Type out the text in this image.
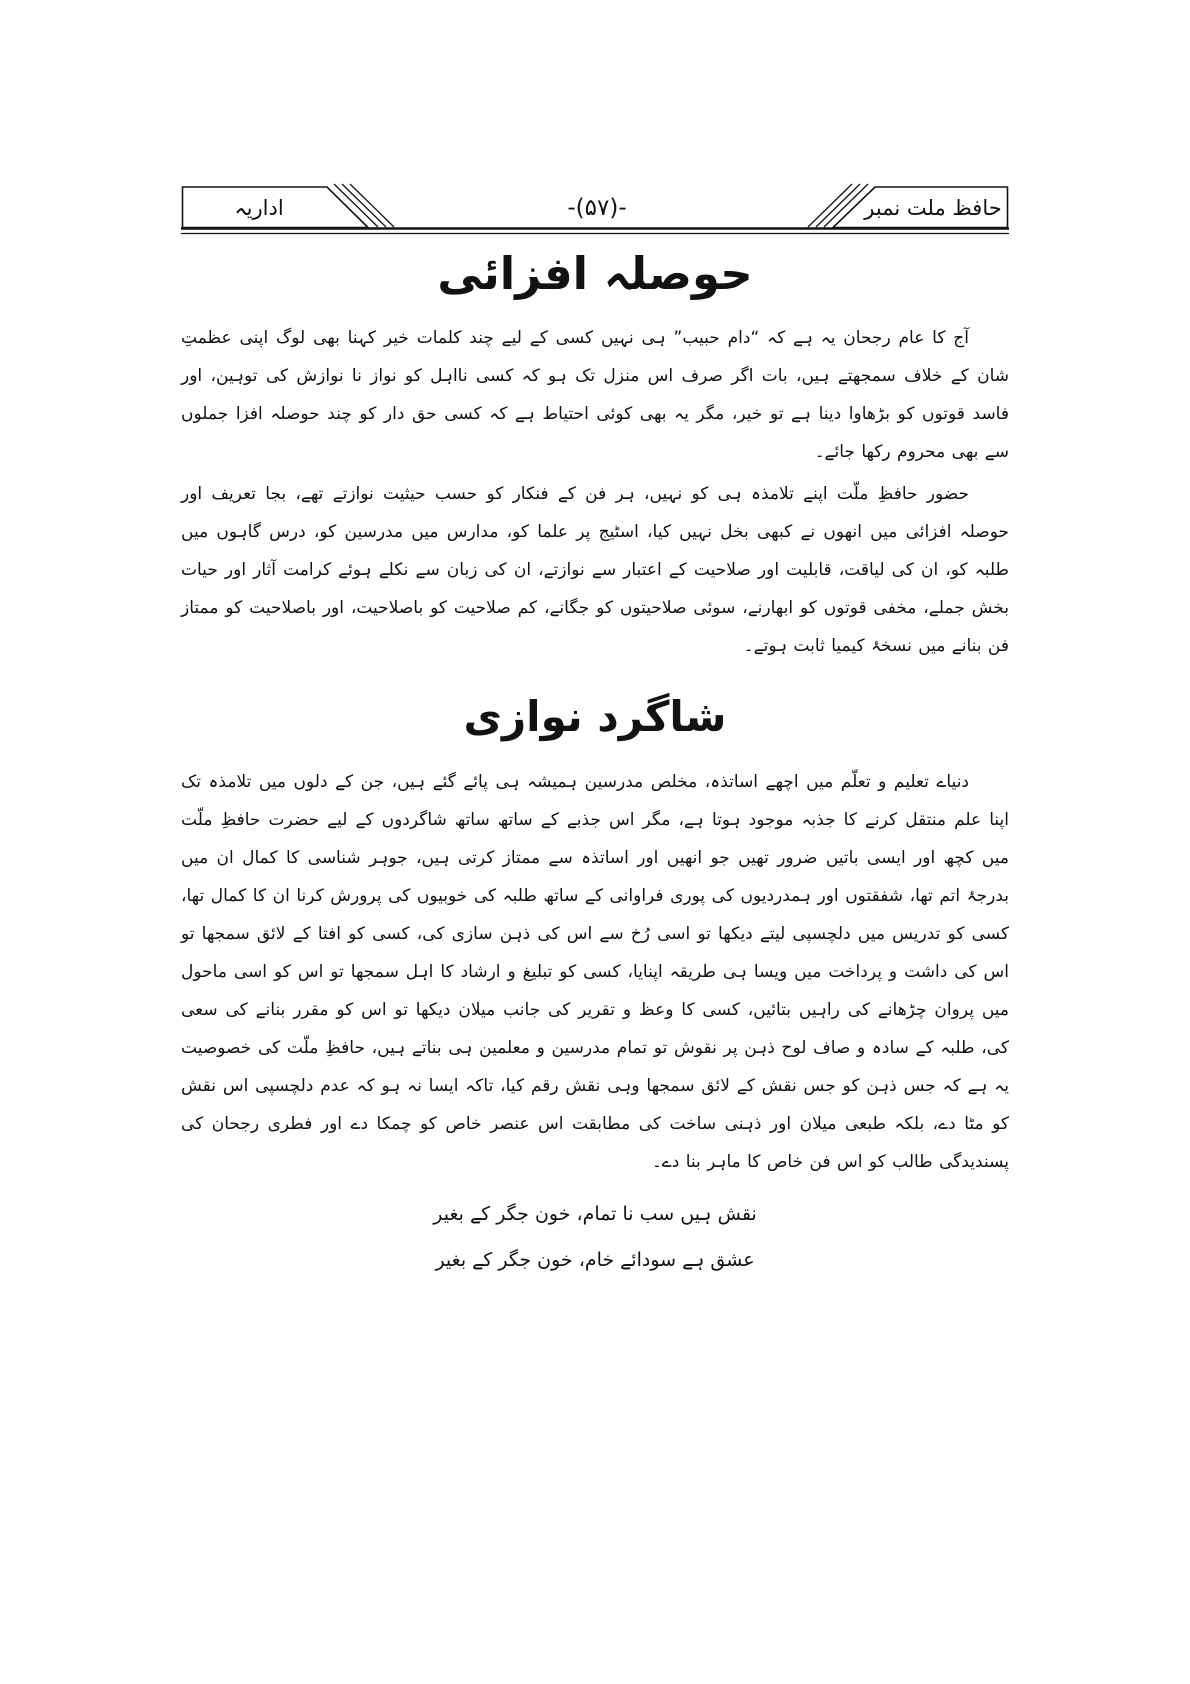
اداریہ	-(۵۷)-	حافظ ملت نمبر
حوصلہ افزائی

آج کا عام رجحان یہ ہے کہ “دام حبیب” ہی نہیں کسی کے لیے چند کلمات خیر کہنا بھی لوگ اپنی عظمتِ شان کے خلاف سمجھتے ہیں، بات اگر صرف اس منزل تک ہو کہ کسی نااہل کو نواز نا نوازش کی توہین، اور فاسد قوتوں کو بڑھاوا دینا ہے تو خیر، مگر یہ بھی کوئی احتیاط ہے کہ کسی حق دار کو چند حوصلہ افزا جملوں سے بھی محروم رکھا جائے۔

حضور حافظِ ملّت اپنے تلامذہ ہی کو نہیں، ہر فن کے فنکار کو حسب حیثیت نوازتے تھے، بجا تعریف اور حوصلہ افزائی میں انھوں نے کبھی بخل نہیں کیا، اسٹیج پر علما کو، مدارس میں مدرسین کو، درس گاہوں میں طلبہ کو، ان کی لیاقت، قابلیت اور صلاحیت کے اعتبار سے نوازتے، ان کی زبان سے نکلے ہوئے کرامت آثار اور حیات بخش جملے، مخفی قوتوں کو ابھارنے، سوئی صلاحیتوں کو جگانے، کم صلاحیت کو باصلاحیت، اور باصلاحیت کو ممتاز فن بنانے میں نسخۂ کیمیا ثابت ہوتے۔

شاگرد نوازی

دنیاے تعلیم و تعلّم میں اچھے اساتذہ، مخلص مدرسین ہمیشہ ہی پائے گئے ہیں، جن کے دلوں میں تلامذہ تک اپنا علم منتقل کرنے کا جذبہ موجود ہوتا ہے، مگر اس جذبے کے ساتھ ساتھ شاگردوں کے لیے حضرت حافظِ ملّت میں کچھ اور ایسی باتیں ضرور تھیں جو انھیں اور اساتذہ سے ممتاز کرتی ہیں، جوہر شناسی کا کمال ان میں بدرجۂ اتم تھا، شفقتوں اور ہمدردیوں کی پوری فراوانی کے ساتھ طلبہ کی خوبیوں کی پرورش کرنا ان کا کمال تھا، کسی کو تدریس میں دلچسپی لیتے دیکھا تو اسی رُخ سے اس کی ذہن سازی کی، کسی کو افتا کے لائق سمجھا تو اس کی داشت و پرداخت میں ویسا ہی طریقہ اپنایا، کسی کو تبلیغ و ارشاد کا اہل سمجھا تو اس کو اسی ماحول میں پروان چڑھانے کی راہیں بتائیں، کسی کا وعظ و تقریر کی جانب میلان دیکھا تو اس کو مقرر بنانے کی سعی کی، طلبہ کے سادہ و صاف لوح ذہن پر نقوش تو تمام مدرسین و معلمین ہی بناتے ہیں، حافظِ ملّت کی خصوصیت یہ ہے کہ جس ذہن کو جس نقش کے لائق سمجھا وہی نقش رقم کیا، تاکہ ایسا نہ ہو کہ عدم دلچسپی اس نقش کو مٹا دے، بلکہ طبعی میلان اور ذہنی ساخت کی مطابقت اس عنصر خاص کو چمکا دے اور فطری رجحان کی پسندیدگی طالب کو اس فن خاص کا ماہر بنا دے۔

نقش ہیں سب نا تمام، خون جگر کے بغیر
عشق ہے سودائے خام، خون جگر کے بغیر
